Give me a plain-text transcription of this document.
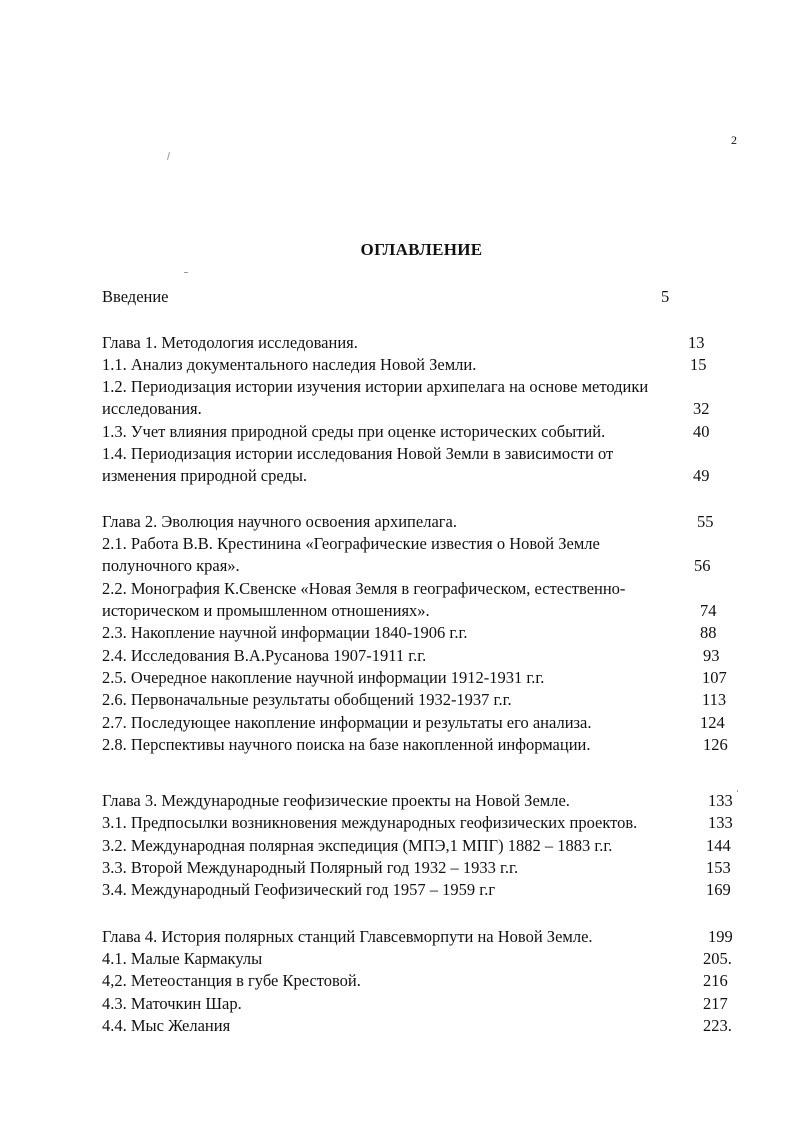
2
ОГЛАВЛЕНИЕ
Введение	5
Глава 1. Методология исследования.	13
1.1. Анализ документального наследия Новой Земли.	15
1.2. Периодизация истории изучения истории архипелага на основе методики
исследования.	32
1.3. Учет влияния природной среды при оценке исторических событий.	40
1.4. Периодизация истории исследования Новой Земли в зависимости от
изменения природной среды.	49
Глава 2. Эволюция научного освоения архипелага.	55
2.1. Работа В.В. Крестинина «Географические известия о Новой Земле
полуночного края».	56
2.2. Монография К.Свенске «Новая Земля в географическом, естественно-
историческом и промышленном отношениях».	74
2.3. Накопление научной информации 1840-1906 г.г.	88
2.4. Исследования В.А.Русанова 1907-1911 г.г.	93
2.5. Очередное накопление научной информации 1912-1931 г.г.	107
2.6. Первоначальные результаты обобщений 1932-1937 г.г.	113
2.7. Последующее накопление информации и результаты его анализа.	124
2.8. Перспективы научного поиска на базе накопленной информации.	126
Глава 3. Международные геофизические проекты на Новой Земле.	133
3.1. Предпосылки возникновения международных геофизических проектов.	133
3.2. Международная полярная экспедиция (МПЭ,1 МПГ) 1882 – 1883 г.г.	144
3.3. Второй Международный Полярный год 1932 – 1933 г.г.	153
3.4. Международный Геофизический год 1957 – 1959 г.г	169
Глава 4. История полярных станций Главсевморпути на Новой Земле.	199
4.1. Малые Кармакулы	205.
4,2. Метеостанция в губе Крестовой.	216
4.3. Маточкин Шар.	217
4.4. Мыс Желания	223.
